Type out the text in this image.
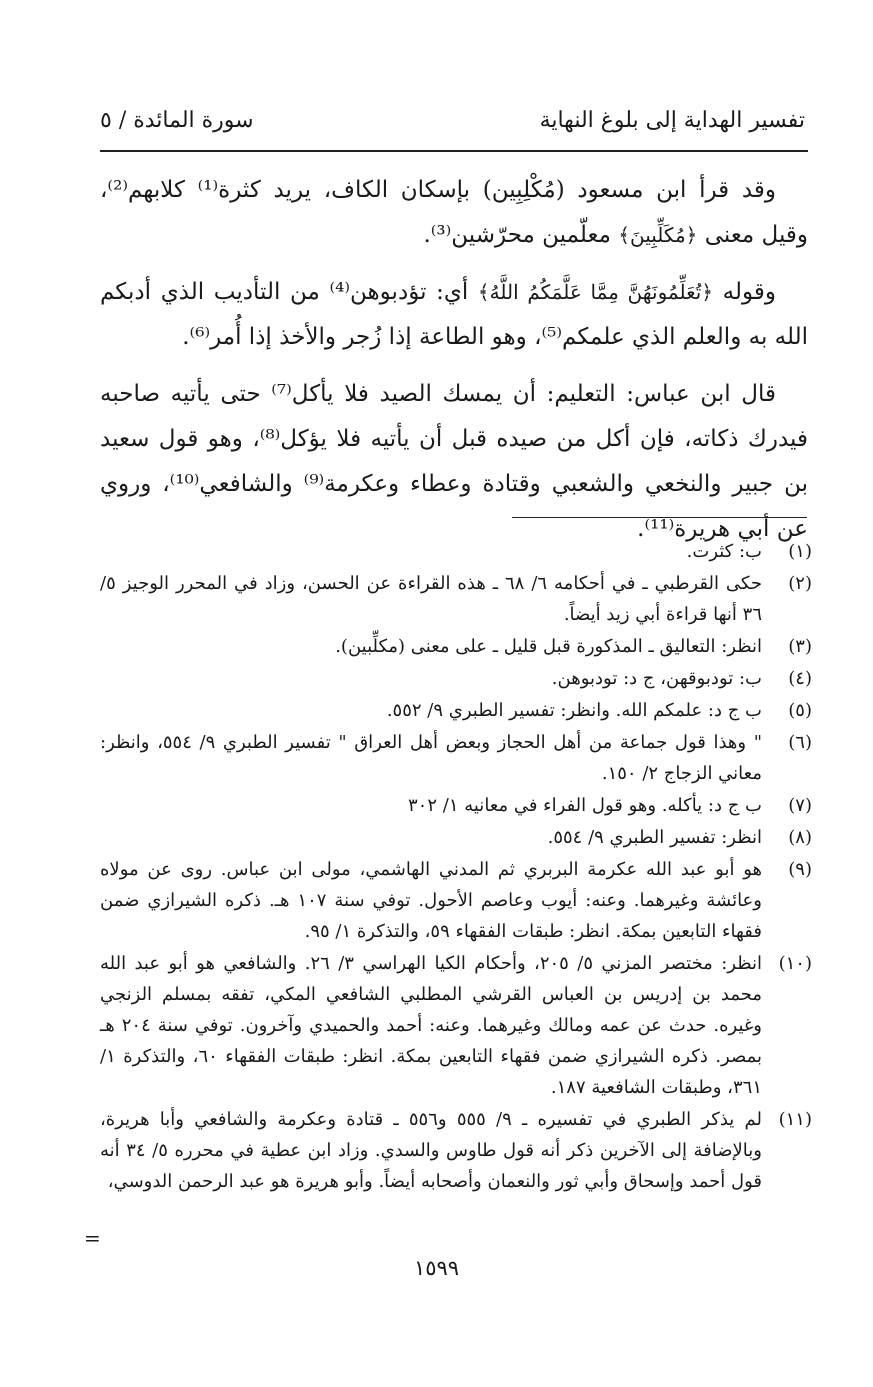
تفسير الهداية إلى بلوغ النهاية
سورة المائدة / ٥

وقد قرأ ابن مسعود (مُكْلِبِين) بإسكان الكاف، يريد كثرة⁽¹⁾ كلابهم⁽²⁾، وقيل معنى ﴿مُكَلِّبِينَ﴾ معلّمين محرّشين⁽³⁾.

وقوله ﴿تُعَلِّمُونَهُنَّ مِمَّا عَلَّمَكُمُ اللَّهُ﴾ أي: تؤدبوهن⁽⁴⁾ من التأديب الذي أدبكم الله به والعلم الذي علمكم⁽⁵⁾، وهو الطاعة إذا زُجر والأخذ إذا أُمر⁽⁶⁾.

قال ابن عباس: التعليم: أن يمسك الصيد فلا يأكل⁽⁷⁾ حتى يأتيه صاحبه فيدرك ذكاته، فإن أكل من صيده قبل أن يأتيه فلا يؤكل⁽⁸⁾، وهو قول سعيد بن جبير والنخعي والشعبي وقتادة وعطاء وعكرمة⁽⁹⁾ والشافعي⁽¹⁰⁾، وروي عن أبي هريرة⁽¹¹⁾.

(١)
ب: كثرت.
(٢)
حكى القرطبي ـ في أحكامه ٦/ ٦٨ ـ هذه القراءة عن الحسن، وزاد في المحرر الوجيز ٥/ ٣٦ أنها قراءة أبي زيد أيضاً.
(٣)
انظر: التعاليق ـ المذكورة قبل قليل ـ على معنى (مكلِّبين).
(٤)
ب: تودبوقهن، ج د: تودبوهن.
(٥)
ب ج د: علمكم الله. وانظر: تفسير الطبري ٩/ ٥٥٢.
(٦)
" وهذا قول جماعة من أهل الحجاز وبعض أهل العراق " تفسير الطبري ٩/ ٥٥٤، وانظر: معاني الزجاج ٢/ ١٥٠.
(٧)
ب ج د: يأكله. وهو قول الفراء في معانيه ١/ ٣٠٢
(٨)
انظر: تفسير الطبري ٩/ ٥٥٤.
(٩)
هو أبو عبد الله عكرمة البربري ثم المدني الهاشمي، مولى ابن عباس. روى عن مولاه وعائشة وغيرهما. وعنه: أيوب وعاصم الأحول. توفي سنة ١٠٧ هـ. ذكره الشيرازي ضمن فقهاء التابعين بمكة. انظر: طبقات الفقهاء ٥٩، والتذكرة ١/ ٩٥.
(١٠)
انظر: مختصر المزني ٥/ ٢٠٥، وأحكام الكيا الهراسي ٣/ ٢٦. والشافعي هو أبو عبد الله محمد بن إدريس بن العباس القرشي المطلبي الشافعي المكي، تفقه بمسلم الزنجي وغيره. حدث عن عمه ومالك وغيرهما. وعنه: أحمد والحميدي وآخرون. توفي سنة ٢٠٤ هـ بمصر. ذكره الشيرازي ضمن فقهاء التابعين بمكة. انظر: طبقات الفقهاء ٦٠، والتذكرة ١/ ٣٦١، وطبقات الشافعية ١٨٧.
(١١)
لم يذكر الطبري في تفسيره ـ ٩/ ٥٥٥ و٥٥٦ ـ قتادة وعكرمة والشافعي وأبا هريرة، وبالإضافة إلى الآخرين ذكر أنه قول طاوس والسدي. وزاد ابن عطية في محرره ٥/ ٣٤ أنه قول أحمد وإسحاق وأبي ثور والنعمان وأصحابه أيضاً. وأبو هريرة هو عبد الرحمن الدوسي،
=
١٥٩٩
